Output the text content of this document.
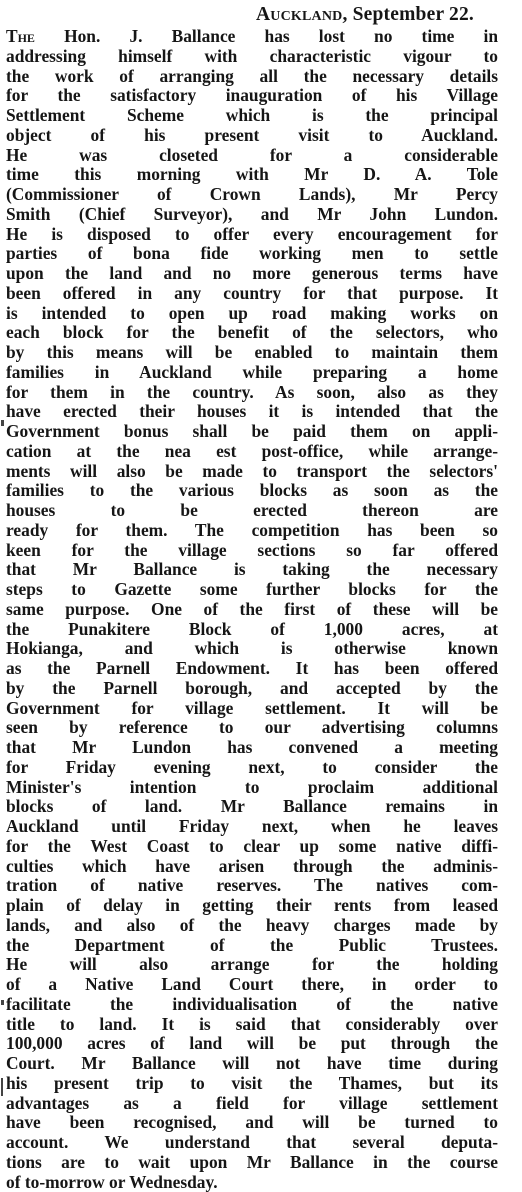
Auckland, September 22.
The Hon. J. Ballance has lost no time in
addressing himself with characteristic vigour to
the work of arranging all the necessary details
for the satisfactory inauguration of his Village
Settlement Scheme which is the principal
object of his present visit to Auckland.
He was closeted for a considerable
time this morning with Mr D. A. Tole
(Commissioner of Crown Lands), Mr Percy
Smith (Chief Surveyor), and Mr John Lundon.
He is disposed to offer every encouragement for
parties of bona fide working men to settle
upon the land and no more generous terms have
been offered in any country for that purpose. It
is intended to open up road making works on
each block for the benefit of the selectors, who
by this means will be enabled to maintain them
families in Auckland while preparing a home
for them in the country. As soon, also as they
have erected their houses it is intended that the
Government bonus shall be paid them on appli-
cation at the nea est post-office, while arrange-
ments will also be made to transport the selectors'
families to the various blocks as soon as the
houses to be erected thereon are
ready for them. The competition has been so
keen for the village sections so far offered
that Mr Ballance is taking the necessary
steps to Gazette some further blocks for the
same purpose. One of the first of these will be
the Punakitere Block of 1,000 acres, at
Hokianga, and which is otherwise known
as the Parnell Endowment. It has been offered
by the Parnell borough, and accepted by the
Government for village settlement. It will be
seen by reference to our advertising columns
that Mr Lundon has convened a meeting
for Friday evening next, to consider the
Minister's intention to proclaim additional
blocks of land. Mr Ballance remains in
Auckland until Friday next, when he leaves
for the West Coast to clear up some native diffi-
culties which have arisen through the adminis-
tration of native reserves. The natives com-
plain of delay in getting their rents from leased
lands, and also of the heavy charges made by
the Department of the Public Trustees.
He will also arrange for the holding
of a Native Land Court there, in order to
facilitate the individualisation of the native
title to land. It is said that considerably over
100,000 acres of land will be put through the
Court. Mr Ballance will not have time during
his present trip to visit the Thames, but its
advantages as a field for village settlement
have been recognised, and will be turned to
account. We understand that several deputa-
tions are to wait upon Mr Ballance in the course
of to-morrow or Wednesday.
